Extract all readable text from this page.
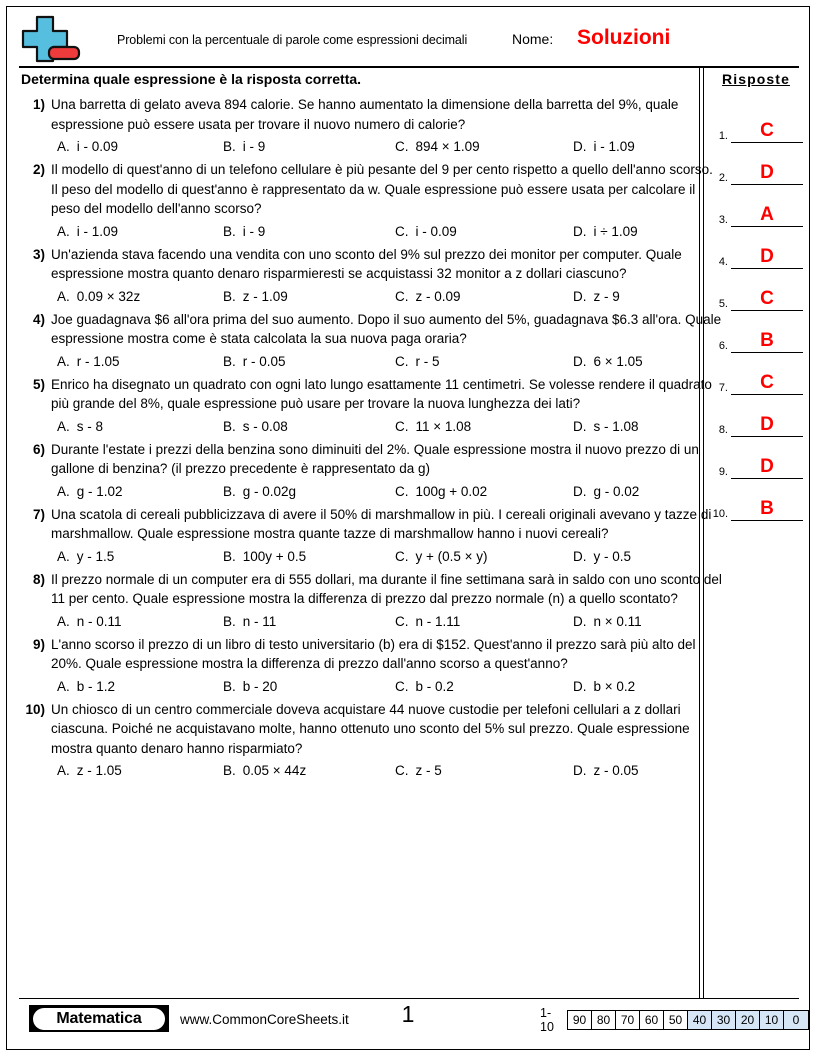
Problemi con la percentuale di parole come espressioni decimali	Nome: Soluzioni
Determina quale espressione è la risposta corretta.
1) Una barretta di gelato aveva 894 calorie. Se hanno aumentato la dimensione della barretta del 9%, quale espressione può essere usata per trovare il nuovo numero di calorie?
A. i - 0.09	B. i - 9	C. 894 × 1.09	D. i - 1.09
2) Il modello di quest'anno di un telefono cellulare è più pesante del 9 per cento rispetto a quello dell'anno scorso. Il peso del modello di quest'anno è rappresentato da w. Quale espressione può essere usata per calcolare il peso del modello dell'anno scorso?
A. i - 1.09	B. i - 9	C. i - 0.09	D. i ÷ 1.09
3) Un'azienda stava facendo una vendita con uno sconto del 9% sul prezzo dei monitor per computer. Quale espressione mostra quanto denaro risparmieresti se acquistassi 32 monitor a z dollari ciascuno?
A. 0.09 × 32z	B. z - 1.09	C. z - 0.09	D. z - 9
4) Joe guadagnava $6 all'ora prima del suo aumento. Dopo il suo aumento del 5%, guadagnava $6.3 all'ora. Quale espressione mostra come è stata calcolata la sua nuova paga oraria?
A. r - 1.05	B. r - 0.05	C. r - 5	D. 6 × 1.05
5) Enrico ha disegnato un quadrato con ogni lato lungo esattamente 11 centimetri. Se volesse rendere il quadrato più grande del 8%, quale espressione può usare per trovare la nuova lunghezza dei lati?
A. s - 8	B. s - 0.08	C. 11 × 1.08	D. s - 1.08
6) Durante l'estate i prezzi della benzina sono diminuiti del 2%. Quale espressione mostra il nuovo prezzo di un gallone di benzina? (il prezzo precedente è rappresentato da g)
A. g - 1.02	B. g - 0.02g	C. 100g + 0.02	D. g - 0.02
7) Una scatola di cereali pubblicizzava di avere il 50% di marshmallow in più. I cereali originali avevano y tazze di marshmallow. Quale espressione mostra quante tazze di marshmallow hanno i nuovi cereali?
A. y - 1.5	B. 100y + 0.5	C. y + (0.5 × y)	D. y - 0.5
8) Il prezzo normale di un computer era di 555 dollari, ma durante il fine settimana sarà in saldo con uno sconto del 11 per cento. Quale espressione mostra la differenza di prezzo dal prezzo normale (n) a quello scontato?
A. n - 0.11	B. n - 11	C. n - 1.11	D. n × 0.11
9) L'anno scorso il prezzo di un libro di testo universitario (b) era di $152. Quest'anno il prezzo sarà più alto del 20%. Quale espressione mostra la differenza di prezzo dall'anno scorso a quest'anno?
A. b - 1.2	B. b - 20	C. b - 0.2	D. b × 0.2
10) Un chiosco di un centro commerciale doveva acquistare 44 nuove custodie per telefoni cellulari a z dollari ciascuna. Poiché ne acquistavano molte, hanno ottenuto uno sconto del 5% sul prezzo. Quale espressione mostra quanto denaro hanno risparmiato?
A. z - 1.05	B. 0.05 × 44z	C. z - 5	D. z - 0.05
Risposte
1.	C
2.	D
3.	A
4.	D
5.	C
6.	B
7.	C
8.	D
9.	D
10.	B
Matematica	www.CommonCoreSheets.it	1	1-10	90 80 70 60 50 40 30 20 10	0
